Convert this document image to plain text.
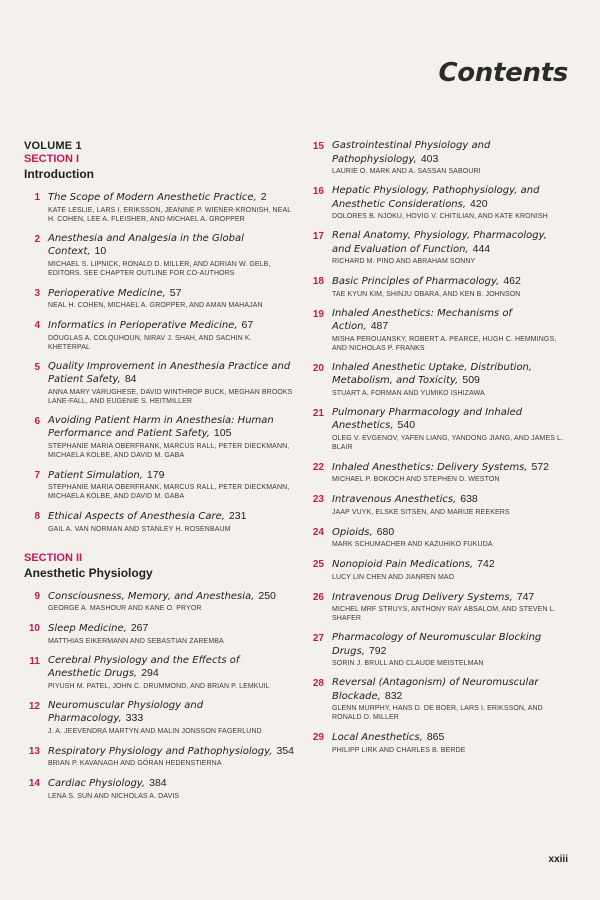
Contents
VOLUME 1
SECTION I
Introduction
1 The Scope of Modern Anesthetic Practice, 2
KATE LESLIE, LARS I. ERIKSSON, JEANINE P. WIENER-KRONISH, NEAL H. COHEN, LEE A. FLEISHER, AND MICHAEL A. GROPPER
2 Anesthesia and Analgesia in the Global Context, 10
MICHAEL S. LIPNICK, RONALD D. MILLER, AND ADRIAN W. GELB, EDITORS. SEE CHAPTER OUTLINE FOR CO-AUTHORS
3 Perioperative Medicine, 57
NEAL H. COHEN, MICHAEL A. GROPPER, AND AMAN MAHAJAN
4 Informatics in Perioperative Medicine, 67
DOUGLAS A. COLQUHOUN, NIRAV J. SHAH, AND SACHIN K. KHETERPAL
5 Quality Improvement in Anesthesia Practice and Patient Safety, 84
ANNA MARY VARUGHESE, DAVID WINTHROP BUCK, MEGHAN BROOKS LANE-FALL, AND EUGENIE S. HEITMILLER
6 Avoiding Patient Harm in Anesthesia: Human Performance and Patient Safety, 105
STEPHANIE MARIA OBERFRANK, MARCUS RALL, PETER DIECKMANN, MICHAELA KOLBE, AND DAVID M. GABA
7 Patient Simulation, 179
STEPHANIE MARIA OBERFRANK, MARCUS RALL, PETER DIECKMANN, MICHAELA KOLBE, AND DAVID M. GABA
8 Ethical Aspects of Anesthesia Care, 231
GAIL A. VAN NORMAN AND STANLEY H. ROSENBAUM
SECTION II
Anesthetic Physiology
9 Consciousness, Memory, and Anesthesia, 250
GEORGE A. MASHOUR AND KANE O. PRYOR
10 Sleep Medicine, 267
MATTHIAS EIKERMANN AND SEBASTIAN ZAREMBA
11 Cerebral Physiology and the Effects of Anesthetic Drugs, 294
PIYUSH M. PATEL, JOHN C. DRUMMOND, AND BRIAN P. LEMKUIL
12 Neuromuscular Physiology and Pharmacology, 333
J. A. JEEVENDRA MARTYN AND MALIN JONSSON FAGERLUND
13 Respiratory Physiology and Pathophysiology, 354
BRIAN P. KAVANAGH AND GÖRAN HEDENSTIERNA
14 Cardiac Physiology, 384
LENA S. SUN AND NICHOLAS A. DAVIS
15 Gastrointestinal Physiology and Pathophysiology, 403
LAURIE O. MARK AND A. SASSAN SABOURI
16 Hepatic Physiology, Pathophysiology, and Anesthetic Considerations, 420
DOLORES B. NJOKU, HOVIG V. CHITILIAN, AND KATE KRONISH
17 Renal Anatomy, Physiology, Pharmacology, and Evaluation of Function, 444
RICHARD M. PINO AND ABRAHAM SONNY
18 Basic Principles of Pharmacology, 462
TAE KYUN KIM, SHINJU OBARA, AND KEN B. JOHNSON
19 Inhaled Anesthetics: Mechanisms of Action, 487
MISHA PEROUANSKY, ROBERT A. PEARCE, HUGH C. HEMMINGS, AND NICHOLAS P. FRANKS
20 Inhaled Anesthetic Uptake, Distribution, Metabolism, and Toxicity, 509
STUART A. FORMAN AND YUMIKO ISHIZAWA
21 Pulmonary Pharmacology and Inhaled Anesthetics, 540
OLEG V. EVGENOV, YAFEN LIANG, YANDONG JIANG, AND JAMES L. BLAIR
22 Inhaled Anesthetics: Delivery Systems, 572
MICHAEL P. BOKOCH AND STEPHEN D. WESTON
23 Intravenous Anesthetics, 638
JAAP VUYK, ELSKE SITSEN, AND MARIJE REEKERS
24 Opioids, 680
MARK SCHUMACHER AND KAZUHIKO FUKUDA
25 Nonopioid Pain Medications, 742
LUCY LIN CHEN AND JIANREN MAO
26 Intravenous Drug Delivery Systems, 747
MICHEL MRF STRUYS, ANTHONY RAY ABSALOM, AND STEVEN L. SHAFER
27 Pharmacology of Neuromuscular Blocking Drugs, 792
SORIN J. BRULL AND CLAUDE MEISTELMAN
28 Reversal (Antagonism) of Neuromuscular Blockade, 832
GLENN MURPHY, HANS D. DE BOER, LARS I. ERIKSSON, AND RONALD D. MILLER
29 Local Anesthetics, 865
PHILIPP LIRK AND CHARLES B. BERDE
xxiii
